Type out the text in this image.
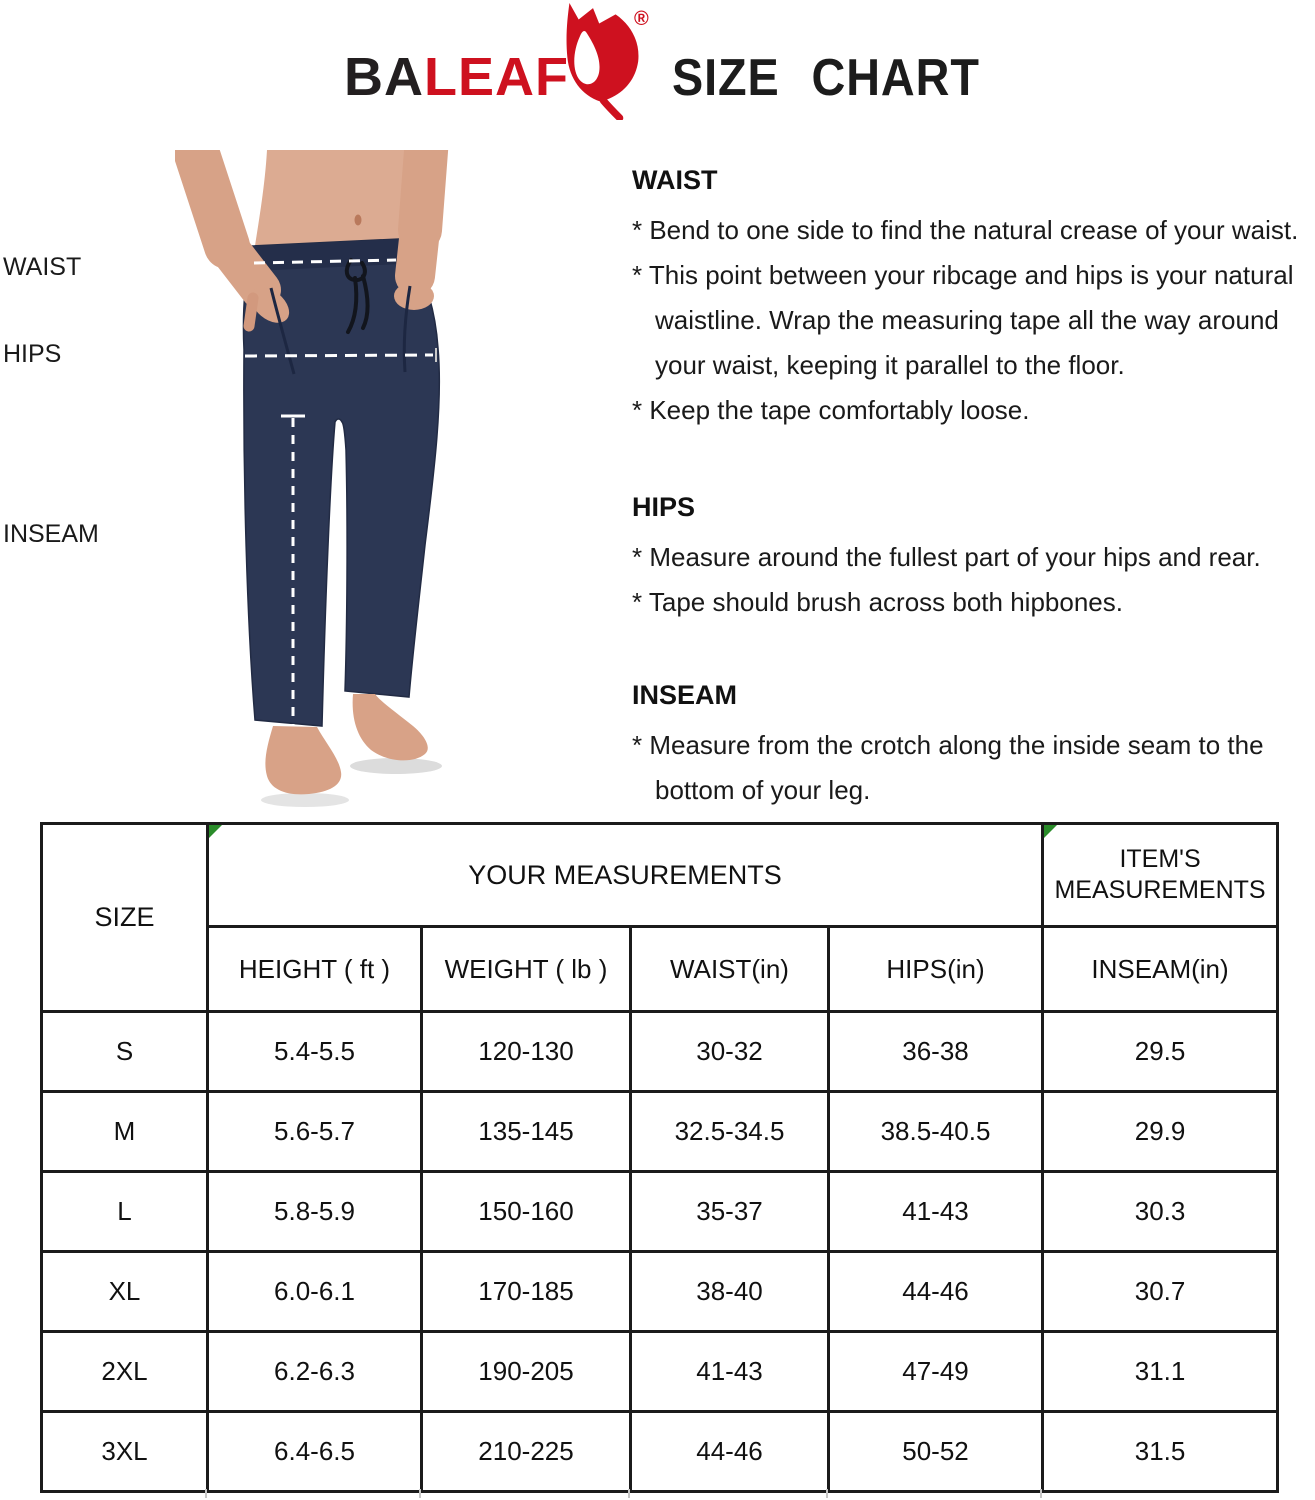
BALEAF
®
SIZE CHART
WAIST
HIPS
INSEAM
WAIST
* Bend to one side to find the natural crease of your waist.
* This point between your ribcage and hips is your natural
waistline. Wrap the measuring tape all the way around
your waist, keeping it parallel to the floor.
* Keep the tape comfortably loose.
HIPS
* Measure around the fullest part of your hips and rear.
* Tape should brush across both hipbones.
INSEAM
* Measure from the crotch along the inside seam to the
bottom of your leg.
SIZE	YOUR MEASUREMENTS				ITEM'S
MEASUREMENTS

	HEIGHT ( ft )	WEIGHT ( lb )	WAIST(in)	HIPS(in)	INSEAM(in)
S	5.4-5.5	120-130	30-32	36-38	29.5
M	5.6-5.7	135-145	32.5-34.5	38.5-40.5	29.9
L	5.8-5.9	150-160	35-37	41-43	30.3
XL	6.0-6.1	170-185	38-40	44-46	30.7
2XL	6.2-6.3	190-205	41-43	47-49	31.1
3XL	6.4-6.5	210-225	44-46	50-52	31.5
